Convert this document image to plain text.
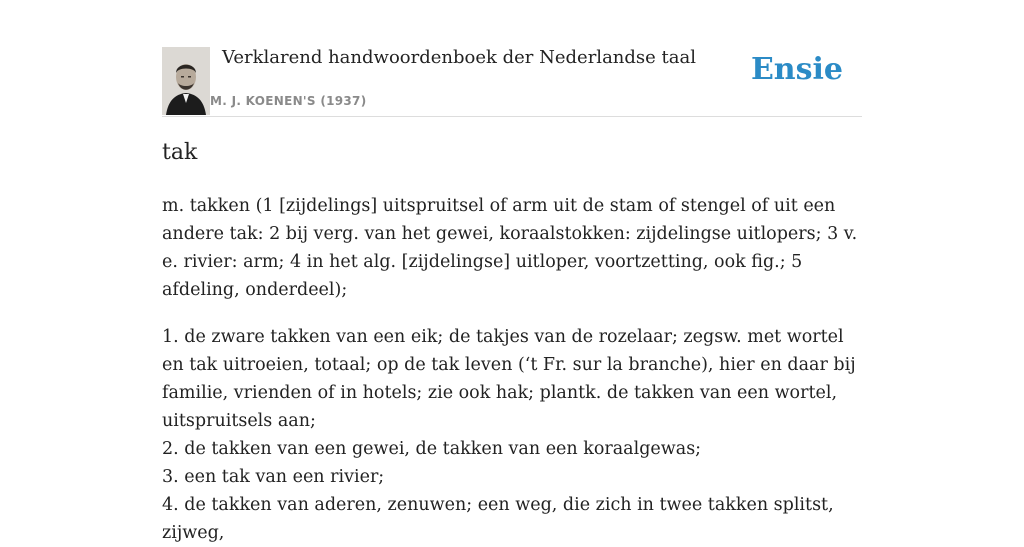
Verklarend handwoordenboek der Nederlandse taal
M. J. KOENEN'S (1937)
Ensie
tak

m. takken (1 [zijdelings] uitspruitsel of arm uit de stam of stengel of uit een andere tak: 2 bij verg. van het gewei, koraalstokken: zijdelingse uitlopers; 3 v. e. rivier: arm; 4 in het alg. [zijdelingse] uitloper, voortzetting, ook fig.; 5 afdeling, onderdeel);

1. de zware takken van een eik; de takjes van de rozelaar; zegsw. met wortel en tak uitroeien, totaal; op de tak leven (‘t Fr. sur la branche), hier en daar bij familie, vrienden of in hotels; zie ook hak; plantk. de takken van een wortel, uitspruitsels aan;
2. de takken van een gewei, de takken van een koraalgewas;
3. een tak van een rivier;
4. de takken van aderen, zenuwen; een weg, die zich in twee takken splitst, zijweg,
